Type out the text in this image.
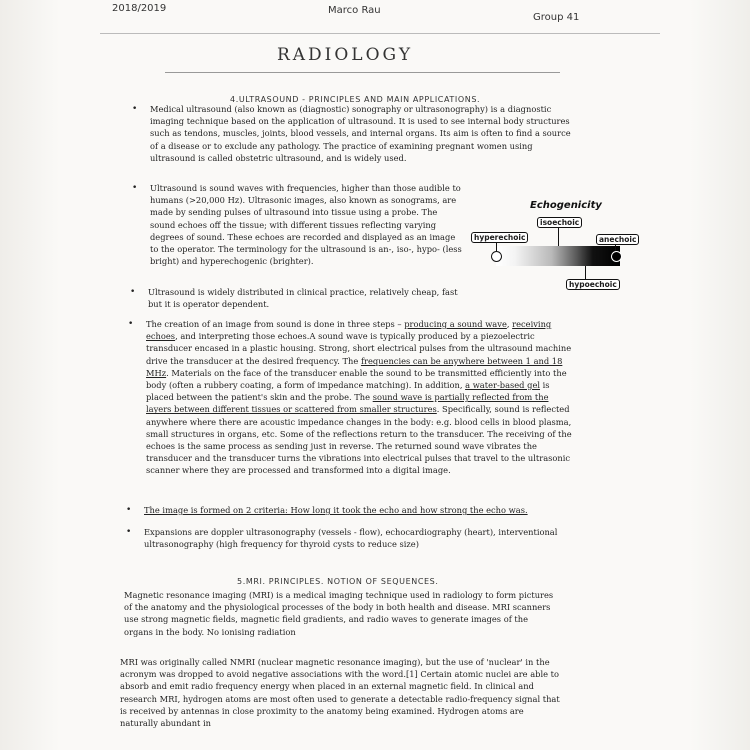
2018/2019	Marco Rau
Group 41
RADIOLOGY
4.ULTRASOUND - PRINCIPLES AND MAIN APPLICATIONS.
• Medical ultrasound (also known as (diagnostic) sonography or ultrasonography) is a diagnostic imaging technique based on the application of ultrasound. It is used to see internal body structures such as tendons, muscles, joints, blood vessels, and internal organs. Its aim is often to find a source of a disease or to exclude any pathology. The practice of examining pregnant women using ultrasound is called obstetric ultrasound, and is widely used.
• Ultrasound is sound waves with frequencies, higher than those audible to humans (>20,000 Hz). Ultrasonic images, also known as sonograms, are made by sending pulses of ultrasound into tissue using a probe. The sound echoes off the tissue; with different tissues reflecting varying degrees of sound. These echoes are recorded and displayed as an image to the operator. The terminology for the ultrasound is an-, iso-, hypo- (less bright) and hyperechogenic (brighter).
• Ultrasound is widely distributed in clinical practice, relatively cheap, fast but it is operator dependent.
• The creation of an image from sound is done in three steps – producing a sound wave, receiving echoes, and interpreting those echoes.A sound wave is typically produced by a piezoelectric transducer encased in a plastic housing. Strong, short electrical pulses from the ultrasound machine drive the transducer at the desired frequency. The frequencies can be anywhere between 1 and 18 MHz. Materials on the face of the transducer enable the sound to be transmitted efficiently into the body (often a rubbery coating, a form of impedance matching). In addition, a water-based gel is placed between the patient's skin and the probe. The sound wave is partially reflected from the layers between different tissues or scattered from smaller structures. Specifically, sound is reflected anywhere where there are acoustic impedance changes in the body: e.g. blood cells in blood plasma, small structures in organs, etc. Some of the reflections return to the transducer. The receiving of the echoes is the same process as sending just in reverse. The returned sound wave vibrates the transducer and the transducer turns the vibrations into electrical pulses that travel to the ultrasonic scanner where they are processed and transformed into a digital image.
• The image is formed on 2 criteria: How long it took the echo and how strong the echo was.
• Expansions are doppler ultrasonography (vessels - flow), echocardiography (heart), interventional ultrasonography (high frequency for thyroid cysts to reduce size)
Echogenicity
isoechoic
hyperechoic	anechoic
hypoechoic
5.MRI. PRINCIPLES. NOTION OF SEQUENCES.
Magnetic resonance imaging (MRI) is a medical imaging technique used in radiology to form pictures of the anatomy and the physiological processes of the body in both health and disease. MRI scanners use strong magnetic fields, magnetic field gradients, and radio waves to generate images of the organs in the body. No ionising radiation
MRI was originally called NMRI (nuclear magnetic resonance imaging), but the use of 'nuclear' in the acronym was dropped to avoid negative associations with the word.[1] Certain atomic nuclei are able to absorb and emit radio frequency energy when placed in an external magnetic field. In clinical and research MRI, hydrogen atoms are most often used to generate a detectable radio-frequency signal that is received by antennas in close proximity to the anatomy being examined. Hydrogen atoms are naturally abundant in
